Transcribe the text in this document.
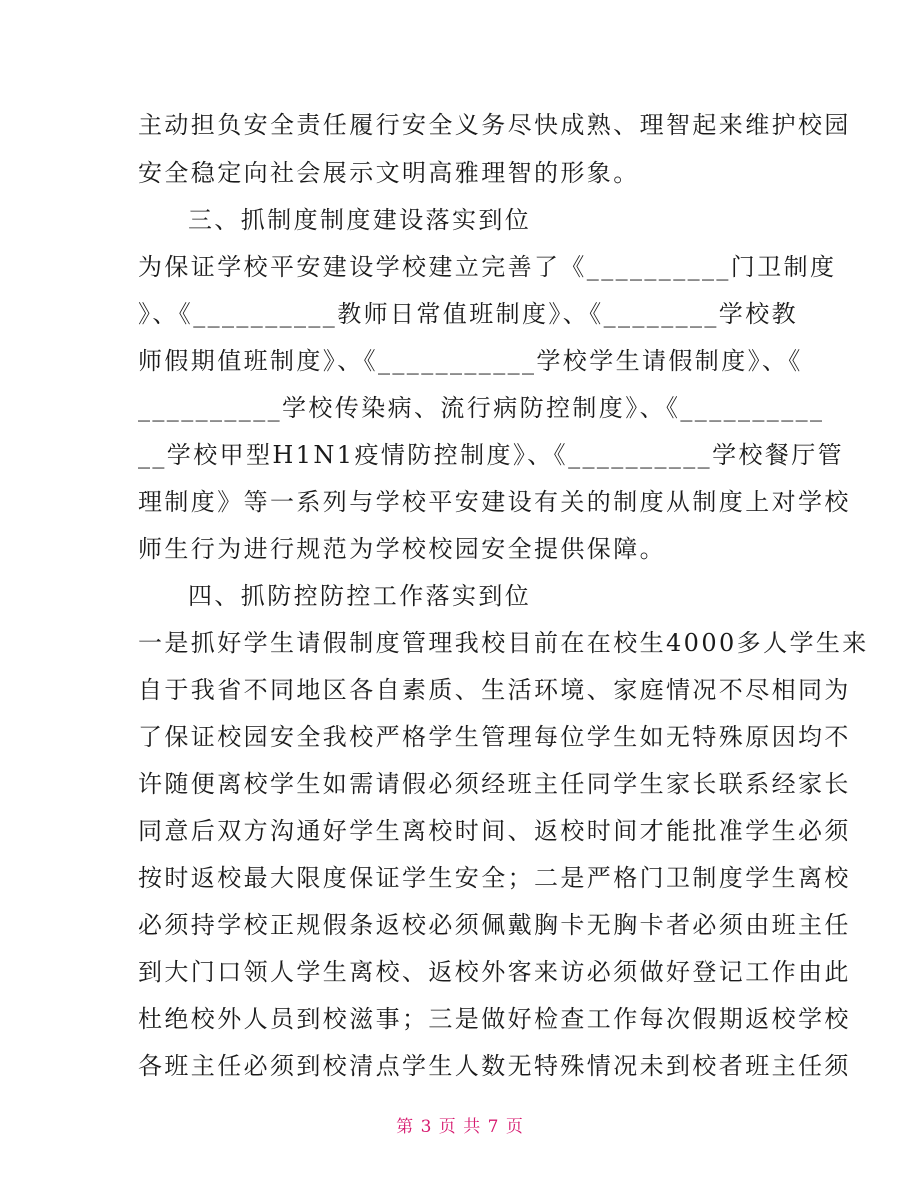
主动担负安全责任履行安全义务尽快成熟、理智起来维护校园
安全稳定向社会展示文明高雅理智的形象。
三、抓制度制度建设落实到位
为保证学校平安建设学校建立完善了《__________门卫制度
》、《__________教师日常值班制度》、《________学校教
师假期值班制度》、《___________学校学生请假制度》、《
__________学校传染病、流行病防控制度》、《__________
__学校甲型H1N1疫情防控制度》、《__________学校餐厅管
理制度》等一系列与学校平安建设有关的制度从制度上对学校
师生行为进行规范为学校校园安全提供保障。
四、抓防控防控工作落实到位
一是抓好学生请假制度管理我校目前在在校生4000多人学生来
自于我省不同地区各自素质、生活环境、家庭情况不尽相同为
了保证校园安全我校严格学生管理每位学生如无特殊原因均不
许随便离校学生如需请假必须经班主任同学生家长联系经家长
同意后双方沟通好学生离校时间、返校时间才能批准学生必须
按时返校最大限度保证学生安全；二是严格门卫制度学生离校
必须持学校正规假条返校必须佩戴胸卡无胸卡者必须由班主任
到大门口领人学生离校、返校外客来访必须做好登记工作由此
杜绝校外人员到校滋事；三是做好检查工作每次假期返校学校
各班主任必须到校清点学生人数无特殊情况未到校者班主任须
第 3 页 共 7 页
